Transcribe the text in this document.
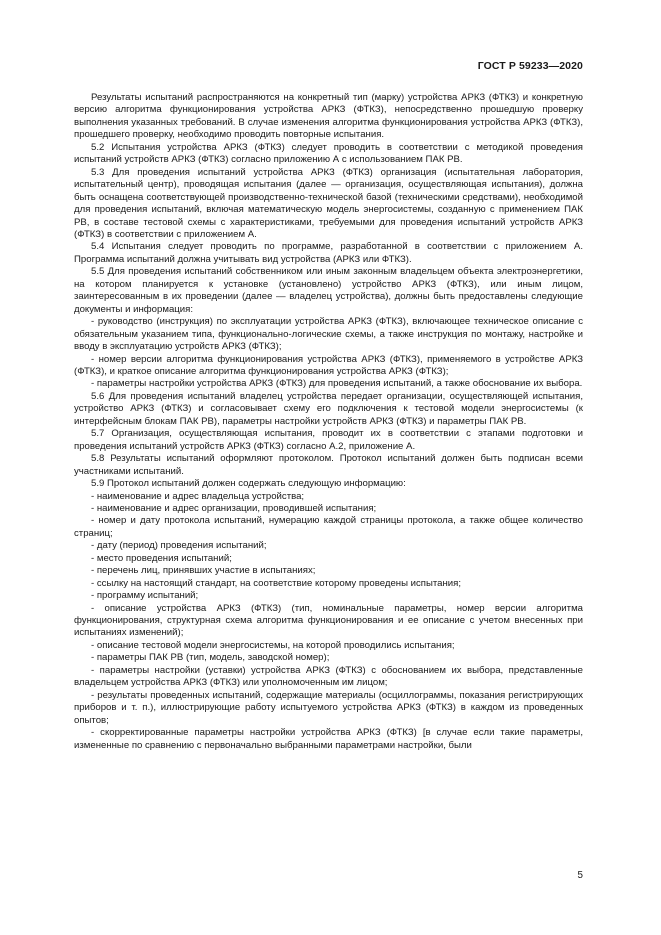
ГОСТ Р 59233—2020

Результаты испытаний распространяются на конкретный тип (марку) устройства АРКЗ (ФТКЗ) и конкретную версию алгоритма функционирования устройства АРКЗ (ФТКЗ), непосредственно прошедшую проверку выполнения указанных требований. В случае изменения алгоритма функционирования устройства АРКЗ (ФТКЗ), прошедшего проверку, необходимо проводить повторные испытания.

5.2 Испытания устройства АРКЗ (ФТКЗ) следует проводить в соответствии с методикой проведения испытаний устройств АРКЗ (ФТКЗ) согласно приложению А с использованием ПАК РВ.

5.3 Для проведения испытаний устройства АРКЗ (ФТКЗ) организация (испытательная лаборатория, испытательный центр), проводящая испытания (далее — организация, осуществляющая испытания), должна быть оснащена соответствующей производственно-технической базой (техническими средствами), необходимой для проведения испытаний, включая математическую модель энергосистемы, созданную с применением ПАК РВ, в составе тестовой схемы с характеристиками, требуемыми для проведения испытаний устройств АРКЗ (ФТКЗ) в соответствии с приложением А.

5.4 Испытания следует проводить по программе, разработанной в соответствии с приложением А. Программа испытаний должна учитывать вид устройства (АРКЗ или ФТКЗ).

5.5 Для проведения испытаний собственником или иным законным владельцем объекта электроэнергетики, на котором планируется к установке (установлено) устройство АРКЗ (ФТКЗ), или иным лицом, заинтересованным в их проведении (далее — владелец устройства), должны быть предоставлены следующие документы и информация:

- руководство (инструкция) по эксплуатации устройства АРКЗ (ФТКЗ), включающее техническое описание с обязательным указанием типа, функционально-логические схемы, а также инструкция по монтажу, настройке и вводу в эксплуатацию устройств АРКЗ (ФТКЗ);

- номер версии алгоритма функционирования устройства АРКЗ (ФТКЗ), применяемого в устройстве АРКЗ (ФТКЗ), и краткое описание алгоритма функционирования устройства АРКЗ (ФТКЗ);

- параметры настройки устройства АРКЗ (ФТКЗ) для проведения испытаний, а также обоснование их выбора.

5.6 Для проведения испытаний владелец устройства передает организации, осуществляющей испытания, устройство АРКЗ (ФТКЗ) и согласовывает схему его подключения к тестовой модели энергосистемы (к интерфейсным блокам ПАК РВ), параметры настройки устройств АРКЗ (ФТКЗ) и параметры ПАК РВ.

5.7 Организация, осуществляющая испытания, проводит их в соответствии с этапами подготовки и проведения испытаний устройств АРКЗ (ФТКЗ) согласно А.2, приложение А.

5.8 Результаты испытаний оформляют протоколом. Протокол испытаний должен быть подписан всеми участниками испытаний.

5.9 Протокол испытаний должен содержать следующую информацию:

- наименование и адрес владельца устройства;

- наименование и адрес организации, проводившей испытания;

- номер и дату протокола испытаний, нумерацию каждой страницы протокола, а также общее количество страниц;

- дату (период) проведения испытаний;

- место проведения испытаний;

- перечень лиц, принявших участие в испытаниях;

- ссылку на настоящий стандарт, на соответствие которому проведены испытания;

- программу испытаний;

- описание устройства АРКЗ (ФТКЗ) (тип, номинальные параметры, номер версии алгоритма функционирования, структурная схема алгоритма функционирования и ее описание с учетом внесенных при испытаниях изменений);

- описание тестовой модели энергосистемы, на которой проводились испытания;

- параметры ПАК РВ (тип, модель, заводской номер);

- параметры настройки (уставки) устройства АРКЗ (ФТКЗ) с обоснованием их выбора, представленные владельцем устройства АРКЗ (ФТКЗ) или уполномоченным им лицом;

- результаты проведенных испытаний, содержащие материалы (осциллограммы, показания регистрирующих приборов и т. п.), иллюстрирующие работу испытуемого устройства АРКЗ (ФТКЗ) в каждом из проведенных опытов;

- скорректированные параметры настройки устройства АРКЗ (ФТКЗ) [в случае если такие параметры, измененные по сравнению с первоначально выбранными параметрами настройки, были

5
